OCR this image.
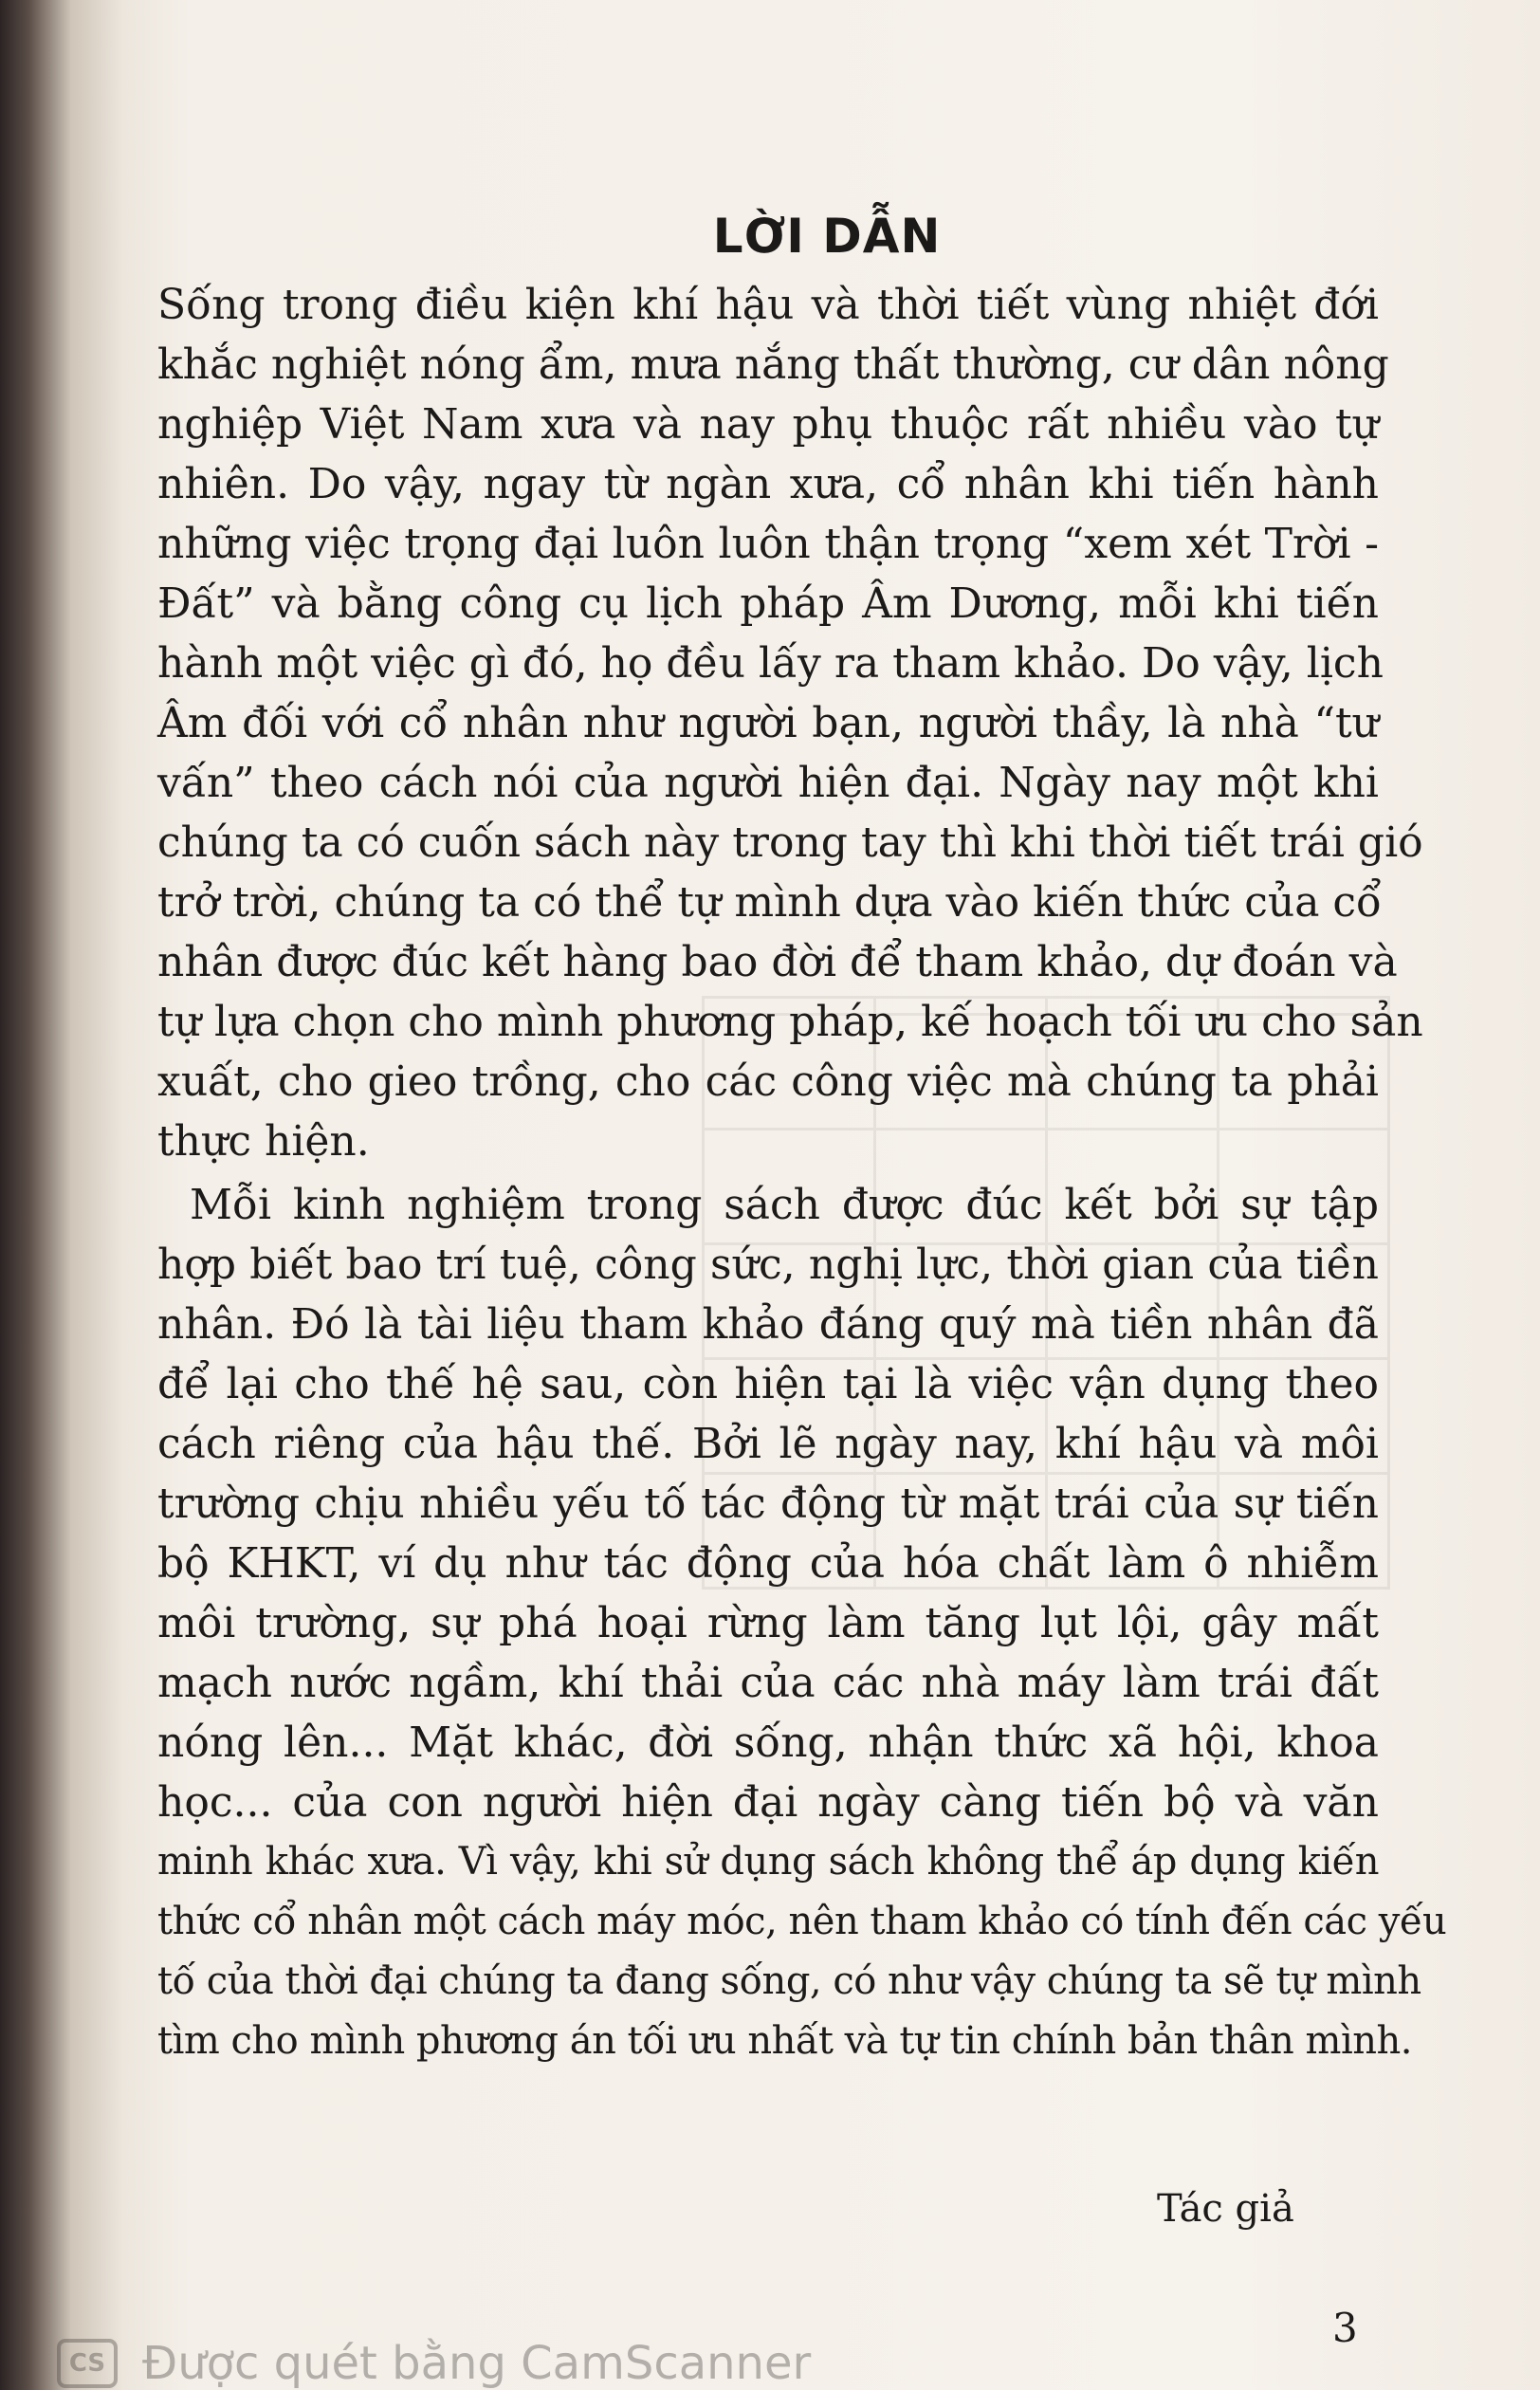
LỜI DẪN
Sống trong điều kiện khí hậu và thời tiết vùng nhiệt đới
khắc nghiệt nóng ẩm, mưa nắng thất thường, cư dân nông
nghiệp Việt Nam xưa và nay phụ thuộc rất nhiều vào tự
nhiên. Do vậy, ngay từ ngàn xưa, cổ nhân khi tiến hành
những việc trọng đại luôn luôn thận trọng “xem xét Trời -
Đất” và bằng công cụ lịch pháp Âm Dương, mỗi khi tiến
hành một việc gì đó, họ đều lấy ra tham khảo. Do vậy, lịch
Âm đối với cổ nhân như người bạn, người thầy, là nhà “tư
vấn” theo cách nói của người hiện đại. Ngày nay một khi
chúng ta có cuốn sách này trong tay thì khi thời tiết trái gió
trở trời, chúng ta có thể tự mình dựa vào kiến thức của cổ
nhân được đúc kết hàng bao đời để tham khảo, dự đoán và
tự lựa chọn cho mình phương pháp, kế hoạch tối ưu cho sản
xuất, cho gieo trồng, cho các công việc mà chúng ta phải
thực hiện.
Mỗi kinh nghiệm trong sách được đúc kết bởi sự tập
hợp biết bao trí tuệ, công sức, nghị lực, thời gian của tiền
nhân. Đó là tài liệu tham khảo đáng quý mà tiền nhân đã
để lại cho thế hệ sau, còn hiện tại là việc vận dụng theo
cách riêng của hậu thế. Bởi lẽ ngày nay, khí hậu và môi
trường chịu nhiều yếu tố tác động từ mặt trái của sự tiến
bộ KHKT, ví dụ như tác động của hóa chất làm ô nhiễm
môi trường, sự phá hoại rừng làm tăng lụt lội, gây mất
mạch nước ngầm, khí thải của các nhà máy làm trái đất
nóng lên... Mặt khác, đời sống, nhận thức xã hội, khoa
học... của con người hiện đại ngày càng tiến bộ và văn
minh khác xưa. Vì vậy, khi sử dụng sách không thể áp dụng kiến
thức cổ nhân một cách máy móc, nên tham khảo có tính đến các yếu
tố của thời đại chúng ta đang sống, có như vậy chúng ta sẽ tự mình
tìm cho mình phương án tối ưu nhất và tự tin chính bản thân mình.
Tác giả
3
CS Được quét bằng CamScanner
